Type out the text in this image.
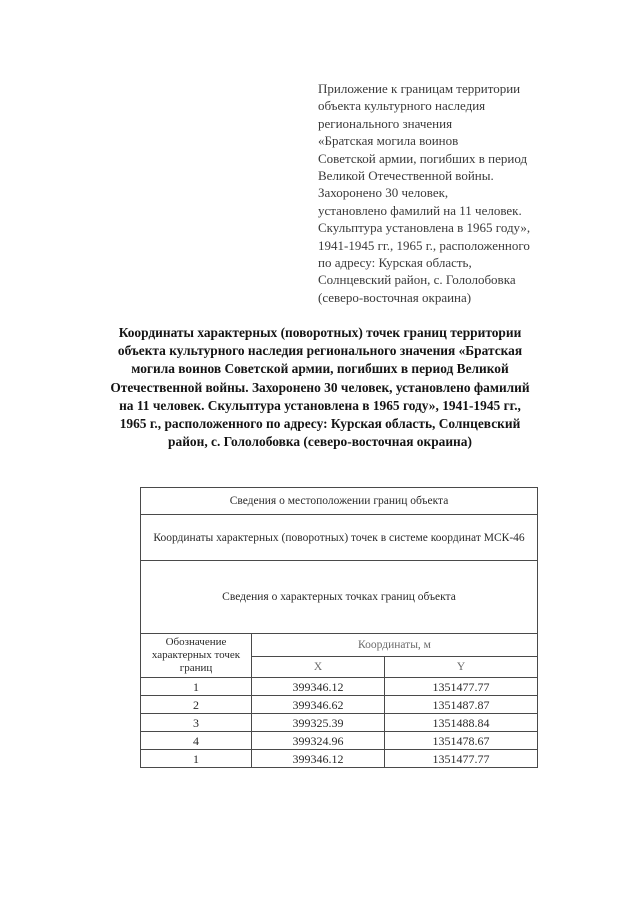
Приложение к границам территории
объекта культурного наследия
регионального значения
«Братская могила воинов
Советской армии, погибших в период
Великой Отечественной войны.
Захоронено 30 человек,
установлено фамилий на 11 человек.
Скульптура установлена в 1965 году»,
1941-1945 гг., 1965 г., расположенного
по адресу: Курская область,
Солнцевский район, с. Гололобовка
(северо-восточная окраина)
Координаты характерных (поворотных) точек границ территории
объекта культурного наследия регионального значения «Братская
могила воинов Советской армии, погибших в период Великой
Отечественной войны. Захоронено 30 человек, установлено фамилий
на 11 человек. Скульптура установлена в 1965 году», 1941-1945 гг.,
1965 г., расположенного по адресу: Курская область, Солнцевский
район, с. Гололобовка (северо-восточная окраина)
Сведения о местоположении границ объекта		
Координаты характерных (поворотных) точек в системе координат МСК-46		
Сведения о характерных точках границ объекта		
Обозначение характерных точек границ	Координаты, м	
	X	Y
1	399346.12	1351477.77
2	399346.62	1351487.87
3	399325.39	1351488.84
4	399324.96	1351478.67
1	399346.12	1351477.77
